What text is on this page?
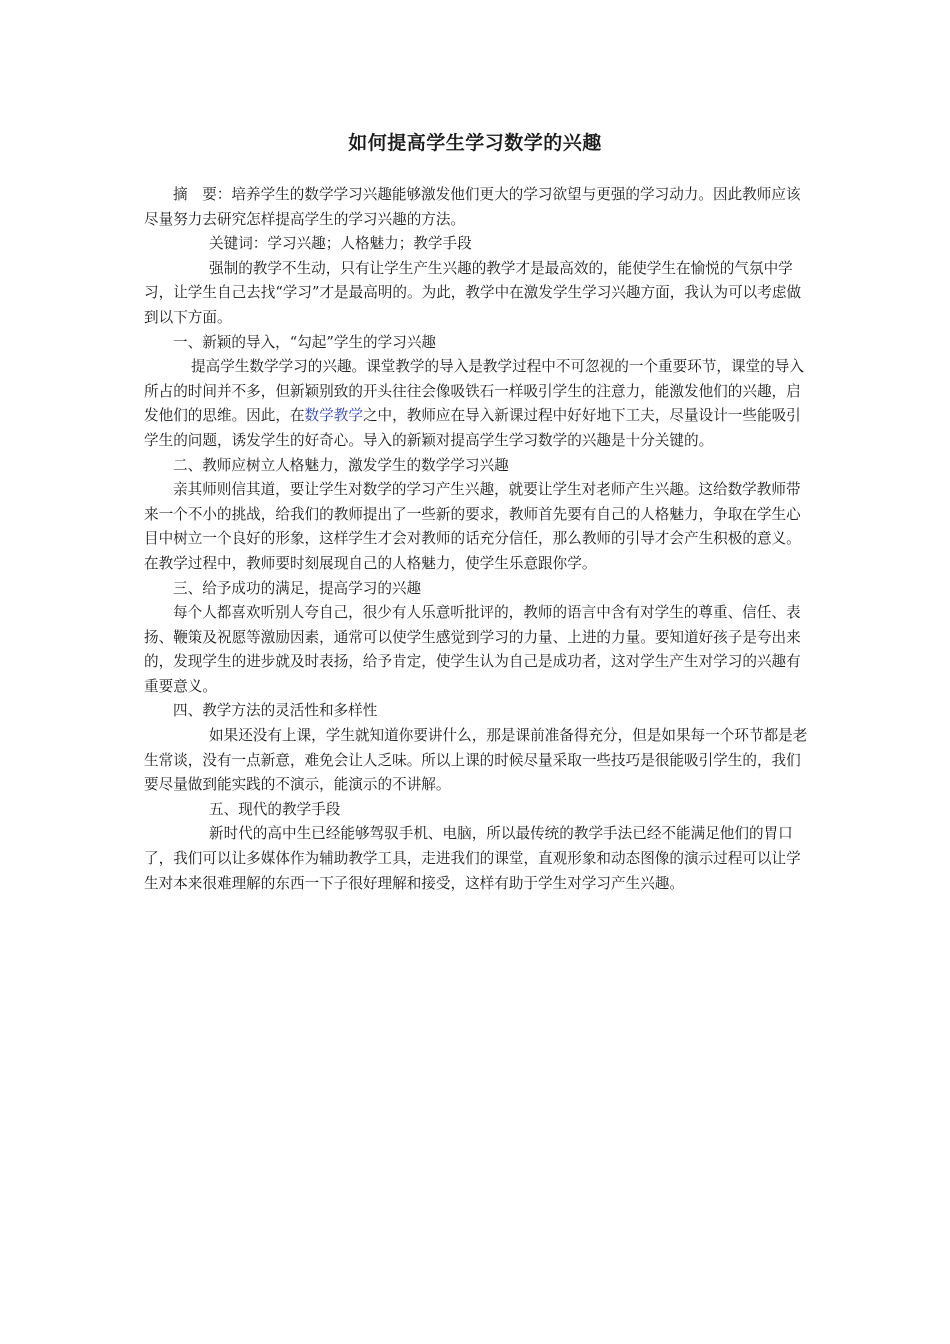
如何提高学生学习数学的兴趣

摘　要：培养学生的数学学习兴趣能够激发他们更大的学习欲望与更强的学习动力。因此教师应该尽量努力去研究怎样提高学生的学习兴趣的方法。

关键词：学习兴趣；人格魅力；教学手段

强制的教学不生动，只有让学生产生兴趣的教学才是最高效的，能使学生在愉悦的气氛中学习，让学生自己去找“学习”才是最高明的。为此，教学中在激发学生学习兴趣方面，我认为可以考虑做到以下方面。

一、新颖的导入，“勾起”学生的学习兴趣

提高学生数学学习的兴趣。课堂教学的导入是教学过程中不可忽视的一个重要环节，课堂的导入所占的时间并不多，但新颖别致的开头往往会像吸铁石一样吸引学生的注意力，能激发他们的兴趣，启发他们的思维。因此，在数学教学之中，教师应在导入新课过程中好好地下工夫，尽量设计一些能吸引学生的问题，诱发学生的好奇心。导入的新颖对提高学生学习数学的兴趣是十分关键的。

二、教师应树立人格魅力，激发学生的数学学习兴趣

亲其师则信其道，要让学生对数学的学习产生兴趣，就要让学生对老师产生兴趣。这给数学教师带来一个不小的挑战，给我们的教师提出了一些新的要求，教师首先要有自己的人格魅力，争取在学生心目中树立一个良好的形象，这样学生才会对教师的话充分信任，那么教师的引导才会产生积极的意义。在教学过程中，教师要时刻展现自己的人格魅力，使学生乐意跟你学。

三、给予成功的满足，提高学习的兴趣

每个人都喜欢听别人夸自己，很少有人乐意听批评的，教师的语言中含有对学生的尊重、信任、表扬、鞭策及祝愿等激励因素，通常可以使学生感觉到学习的力量、上进的力量。要知道好孩子是夸出来的，发现学生的进步就及时表扬，给予肯定，使学生认为自己是成功者，这对学生产生对学习的兴趣有重要意义。

四、教学方法的灵活性和多样性

如果还没有上课，学生就知道你要讲什么，那是课前准备得充分，但是如果每一个环节都是老生常谈，没有一点新意，难免会让人乏味。所以上课的时候尽量采取一些技巧是很能吸引学生的，我们要尽量做到能实践的不演示，能演示的不讲解。

五、现代的教学手段

新时代的高中生已经能够驾驭手机、电脑，所以最传统的教学手法已经不能满足他们的胃口了，我们可以让多媒体作为辅助教学工具，走进我们的课堂，直观形象和动态图像的演示过程可以让学生对本来很难理解的东西一下子很好理解和接受，这样有助于学生对学习产生兴趣。
